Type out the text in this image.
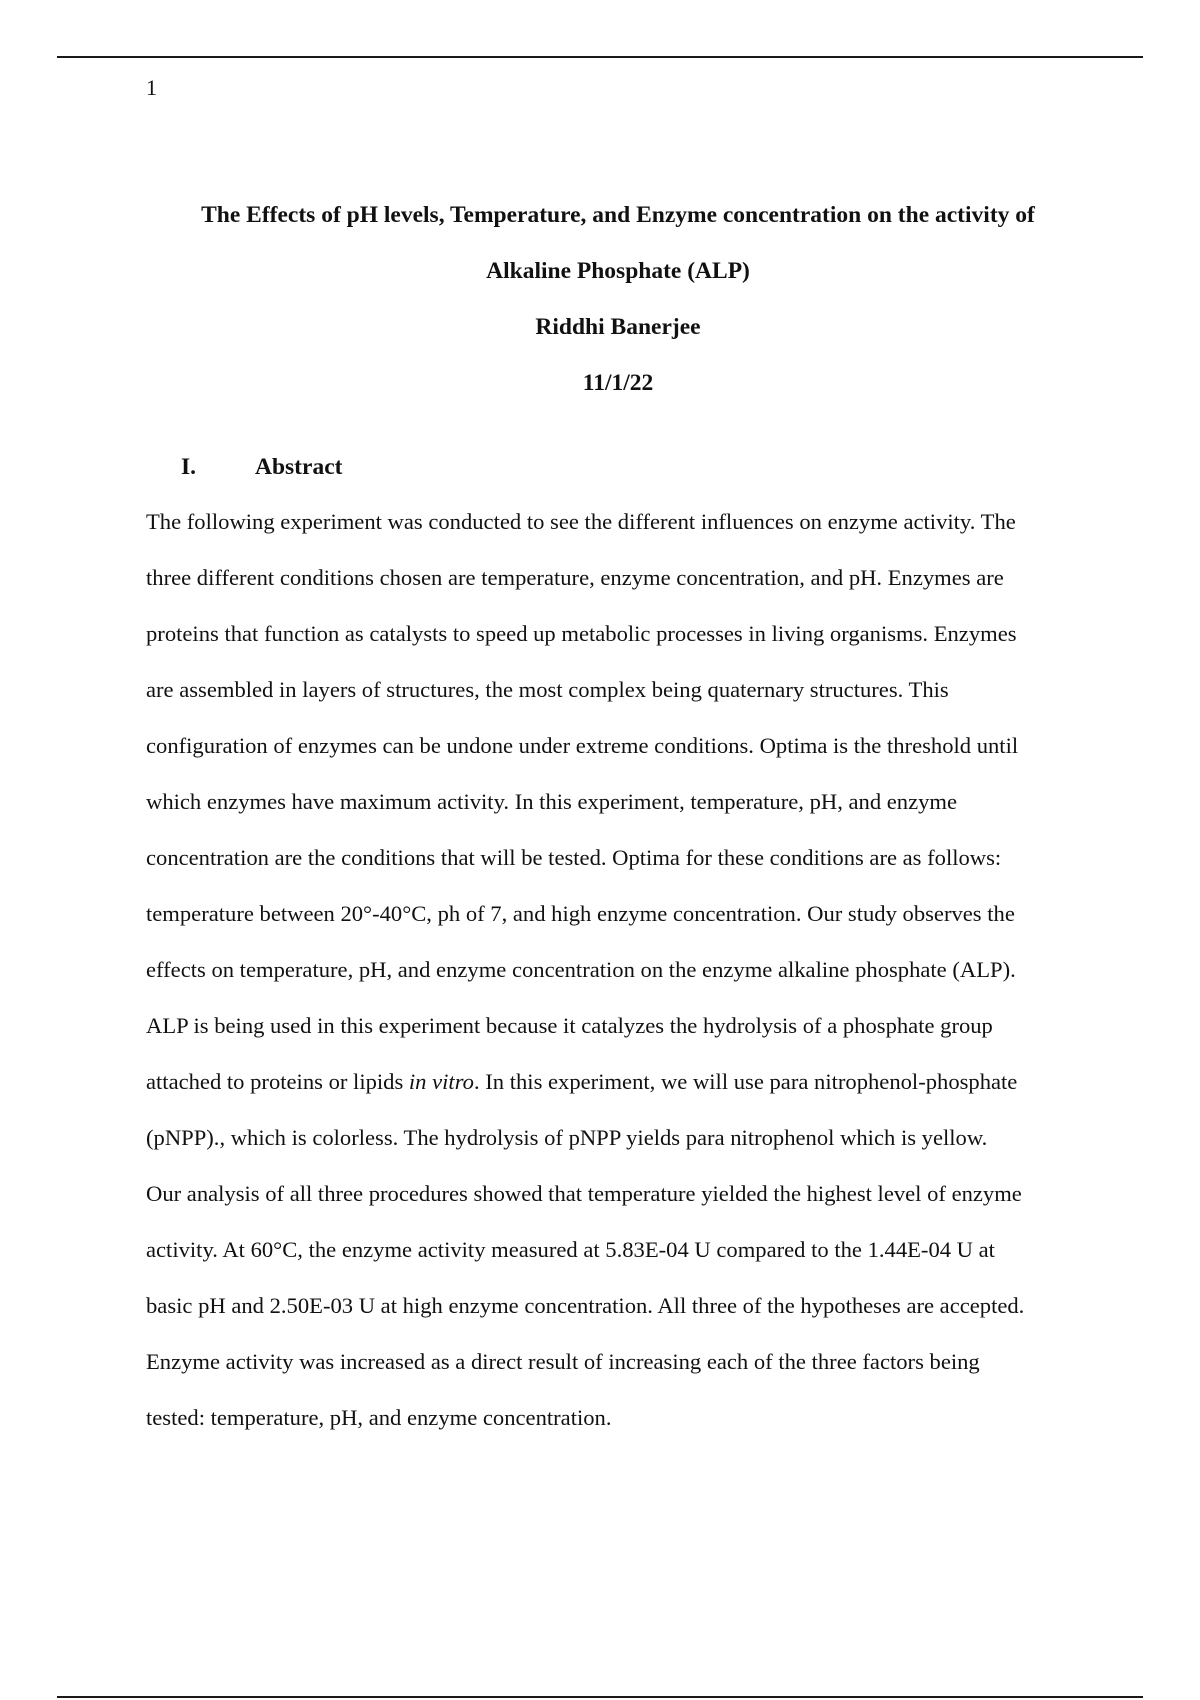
1
The Effects of pH levels, Temperature, and Enzyme concentration on the activity of
Alkaline Phosphate (ALP)
Riddhi Banerjee
11/1/22
I.	Abstract
The following experiment was conducted to see the different influences on enzyme activity. The
three different conditions chosen are temperature, enzyme concentration, and pH. Enzymes are
proteins that function as catalysts to speed up metabolic processes in living organisms. Enzymes
are assembled in layers of structures, the most complex being quaternary structures. This
configuration of enzymes can be undone under extreme conditions. Optima is the threshold until
which enzymes have maximum activity. In this experiment, temperature, pH, and enzyme
concentration are the conditions that will be tested. Optima for these conditions are as follows:
temperature between 20°-40°C, ph of 7, and high enzyme concentration. Our study observes the
effects on temperature, pH, and enzyme concentration on the enzyme alkaline phosphate (ALP).
ALP is being used in this experiment because it catalyzes the hydrolysis of a phosphate group
attached to proteins or lipids in vitro. In this experiment, we will use para nitrophenol-phosphate
(pNPP)., which is colorless. The hydrolysis of pNPP yields para nitrophenol which is yellow.
Our analysis of all three procedures showed that temperature yielded the highest level of enzyme
activity. At 60°C, the enzyme activity measured at 5.83E-04 U compared to the 1.44E-04 U at
basic pH and 2.50E-03 U at high enzyme concentration. All three of the hypotheses are accepted.
Enzyme activity was increased as a direct result of increasing each of the three factors being
tested: temperature, pH, and enzyme concentration.
